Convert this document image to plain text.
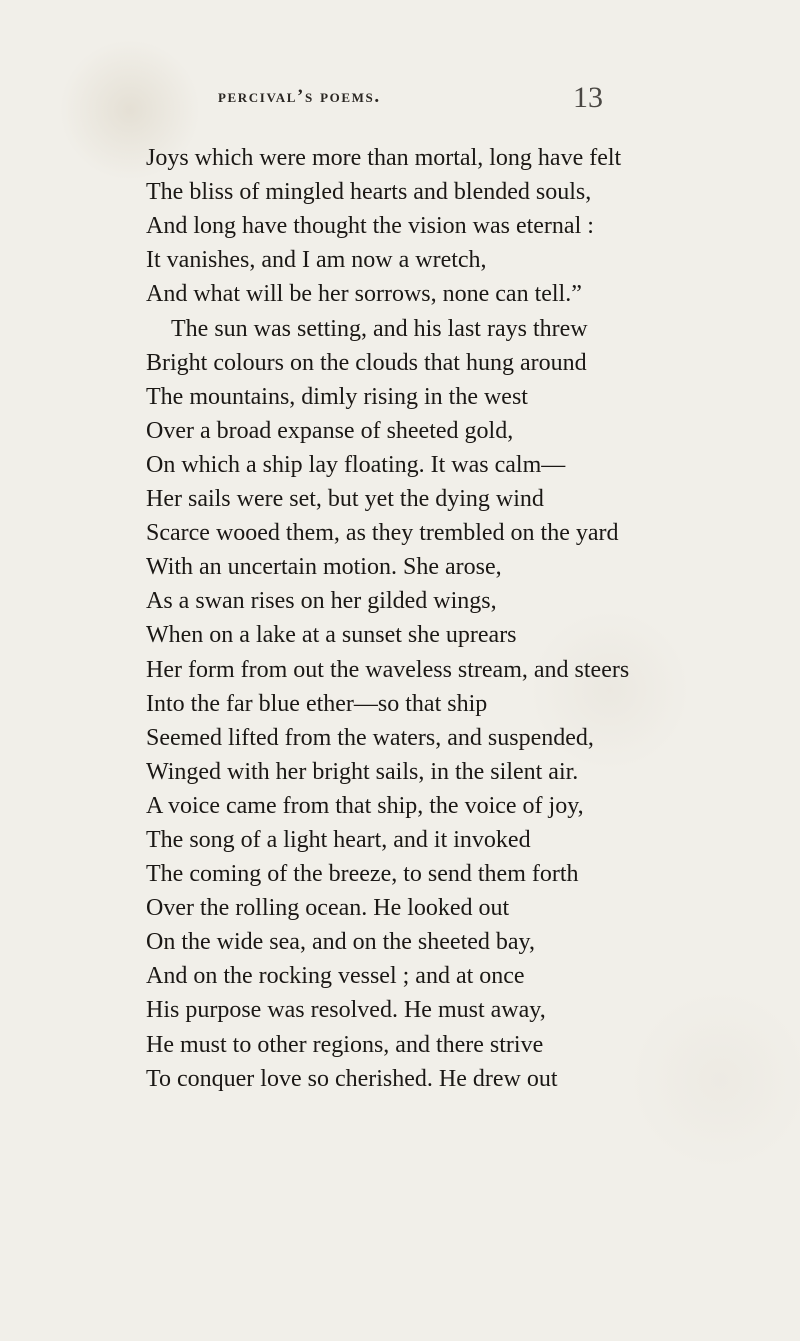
percival’s poems.	13
Joys which were more than mortal, long have felt
The bliss of mingled hearts and blended souls,
And long have thought the vision was eternal :
It vanishes, and I am now a wretch,
And what will be her sorrows, none can tell.”
The sun was setting, and his last rays threw
Bright colours on the clouds that hung around
The mountains, dimly rising in the west
Over a broad expanse of sheeted gold,
On which a ship lay floating. It was calm—
Her sails were set, but yet the dying wind
Scarce wooed them, as they trembled on the yard
With an uncertain motion. She arose,
As a swan rises on her gilded wings,
When on a lake at a sunset she uprears
Her form from out the waveless stream, and steers
Into the far blue ether—so that ship
Seemed lifted from the waters, and suspended,
Winged with her bright sails, in the silent air.
A voice came from that ship, the voice of joy,
The song of a light heart, and it invoked
The coming of the breeze, to send them forth
Over the rolling ocean. He looked out
On the wide sea, and on the sheeted bay,
And on the rocking vessel ; and at once
His purpose was resolved. He must away,
He must to other regions, and there strive
To conquer love so cherished. He drew out
